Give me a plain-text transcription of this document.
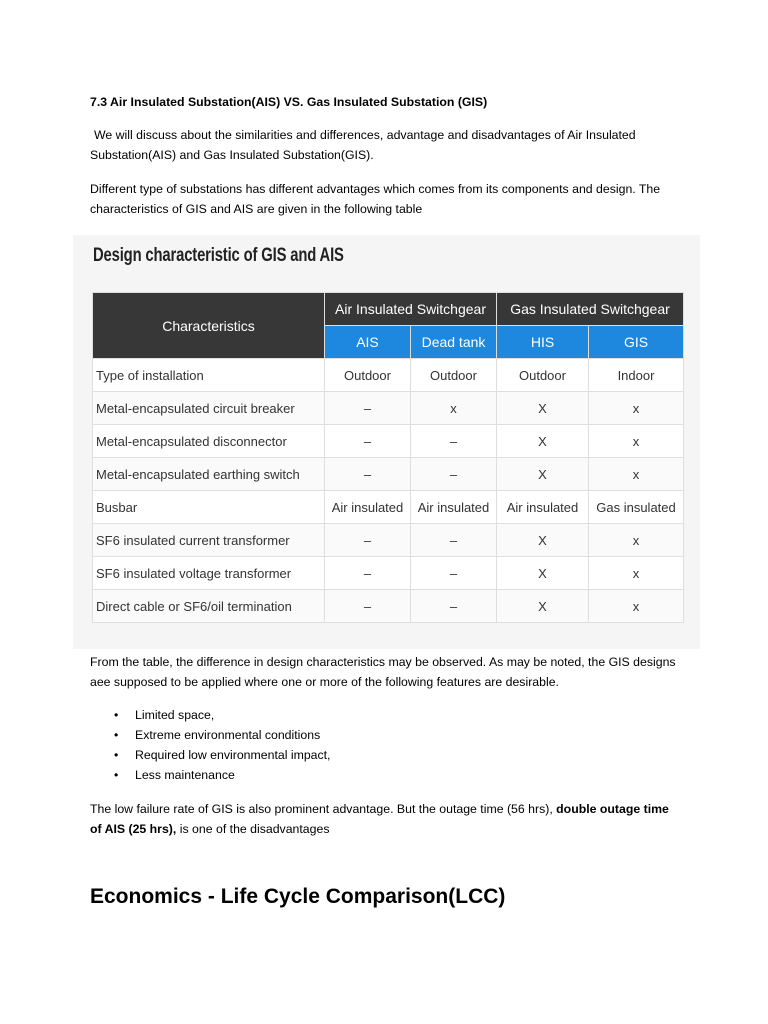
7.3 Air Insulated Substation(AIS) VS. Gas Insulated Substation (GIS)
We will discuss about the similarities and differences, advantage and disadvantages of Air Insulated Substation(AIS) and Gas Insulated Substation(GIS).
Different type of substations has different advantages which comes from its components and design. The characteristics of GIS and AIS are given in the following table
Design characteristic of GIS and AIS
Characteristics	Air Insulated Switchgear		Gas Insulated Switchgear	
	AIS	Dead tank	HIS	GIS
Type of installation	Outdoor	Outdoor	Outdoor	Indoor
Metal-encapsulated circuit breaker	–	x	X	x
Metal-encapsulated disconnector	–	–	X	x
Metal-encapsulated earthing switch	–	–	X	x
Busbar	Air insulated	Air insulated	Air insulated	Gas insulated
SF6 insulated current transformer	–	–	X	x
SF6 insulated voltage transformer	–	–	X	x
Direct cable or SF6/oil termination	–	–	X	x
From the table, the difference in design characteristics may be observed. As may be noted, the GIS designs aee supposed to be applied where one or more of the following features are desirable.
• Limited space,
• Extreme environmental conditions
• Required low environmental impact,
• Less maintenance
The low failure rate of GIS is also prominent advantage. But the outage time (56 hrs), double outage time of AIS (25 hrs), is one of the disadvantages
Economics - Life Cycle Comparison(LCC)
